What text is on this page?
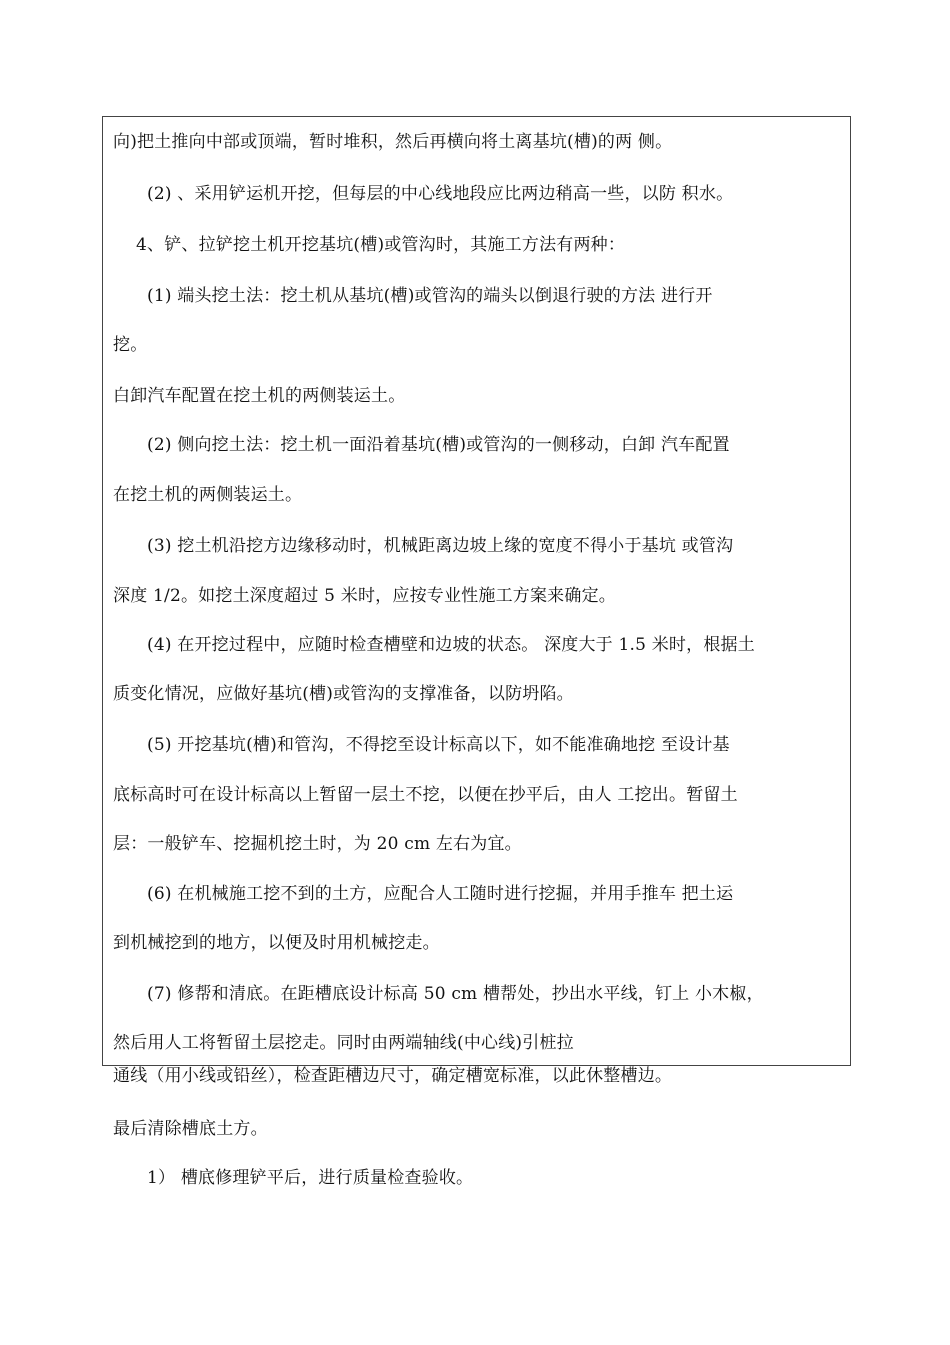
向)把土推向中部或顶端，暂时堆积，然后再横向将土离基坑(槽)的两 侧。
(2) 、采用铲运机开挖，但每层的中心线地段应比两边稍高一些，以防 积水。
4、铲、拉铲挖土机开挖基坑(槽)或管沟时，其施工方法有两种：
(1) 端头挖土法：挖土机从基坑(槽)或管沟的端头以倒退行驶的方法 进行开
挖。
白卸汽车配置在挖土机的两侧装运土。
(2) 侧向挖土法：挖土机一面沿着基坑(槽)或管沟的一侧移动，白卸 汽车配置
在挖土机的两侧装运土。
(3) 挖土机沿挖方边缘移动时，机械距离边坡上缘的宽度不得小于基坑 或管沟
深度 1/2。如挖土深度超过 5 米时，应按专业性施工方案来确定。
(4) 在开挖过程中，应随时检查槽壁和边坡的状态。 深度大于 1.5 米时，根据土
质变化情况，应做好基坑(槽)或管沟的支撑准备，以防坍陷。
(5) 开挖基坑(槽)和管沟，不得挖至设计标高以下，如不能准确地挖 至设计基
底标高时可在设计标高以上暂留一层土不挖，以便在抄平后，由人 工挖出。暂留土
层：一般铲车、挖掘机挖土时，为 20 cm 左右为宜。
(6) 在机械施工挖不到的土方，应配合人工随时进行挖掘，并用手推车 把土运
到机械挖到的地方，以便及时用机械挖走。
(7) 修帮和清底。在距槽底设计标高 50 cm 槽帮处，抄出水平线，钉上 小木椒，
然后用人工将暂留土层挖走。同时由两端轴线(中心线)引桩拉
通线（用小线或铅丝），检查距槽边尺寸，确定槽宽标准，以此休整槽边。
最后清除槽底土方。
1） 槽底修理铲平后，进行质量检查验收。
